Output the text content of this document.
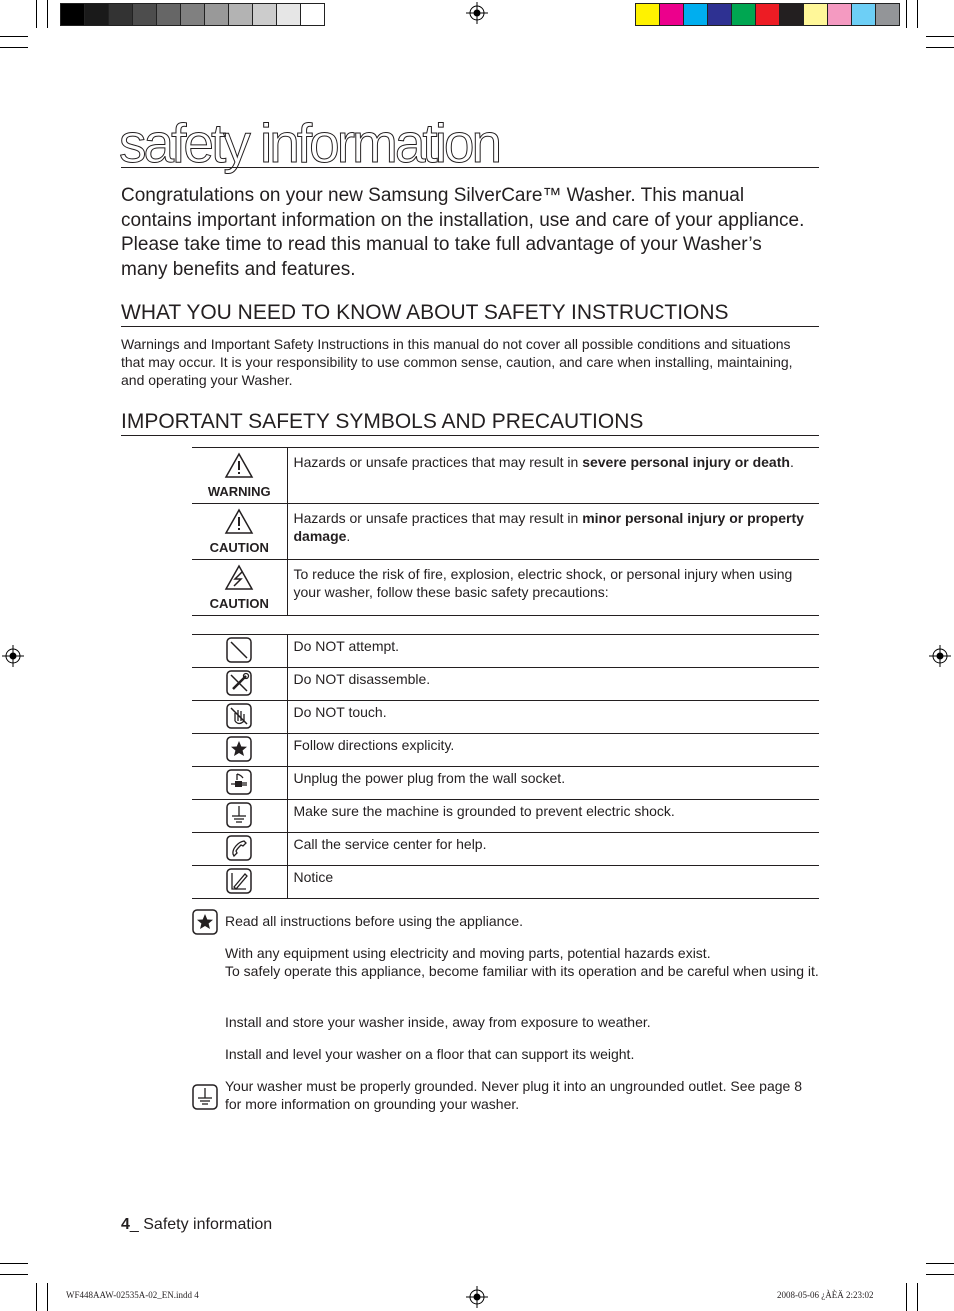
safety information
Congratulations on your new Samsung SilverCare™ Washer. This manual contains important information on the installation, use and care of your appliance. Please take time to read this manual to take full advantage of your Washer’s many benefits and features.
WHAT YOU NEED TO KNOW ABOUT SAFETY INSTRUCTIONS
Warnings and Important Safety Instructions in this manual do not cover all possible conditions and situations that may occur. It is your responsibility to use common sense, caution, and care when installing, maintaining, and operating your Washer.
IMPORTANT SAFETY SYMBOLS AND PRECAUTIONS
WARNING	Hazards or unsafe practices that may result in severe personal injury or death.

CAUTION	Hazards or unsafe practices that may result in minor personal injury or property damage.

CAUTION	To reduce the risk of fire, explosion, electric shock, or personal injury when using your washer, follow these basic safety precautions:
	Do NOT attempt.
	Do NOT disassemble.
	Do NOT touch.
	Follow directions explicity.
	Unplug the power plug from the wall socket.
	Make sure the machine is grounded to prevent electric shock.
	Call the service center for help.
	Notice
Read all instructions before using the appliance.
With any equipment using electricity and moving parts, potential hazards exist.
To safely operate this appliance, become familiar with its operation and be careful when using it.
Install and store your washer inside, away from exposure to weather.
Install and level your washer on a floor that can support its weight.
Your washer must be properly grounded. Never plug it into an ungrounded outlet. See page 8 for more information on grounding your washer.
4_ Safety information
WF448AAW-02535A-02_EN.indd 4	2008-05-06 ¿ÀÈÄ 2:23:02
